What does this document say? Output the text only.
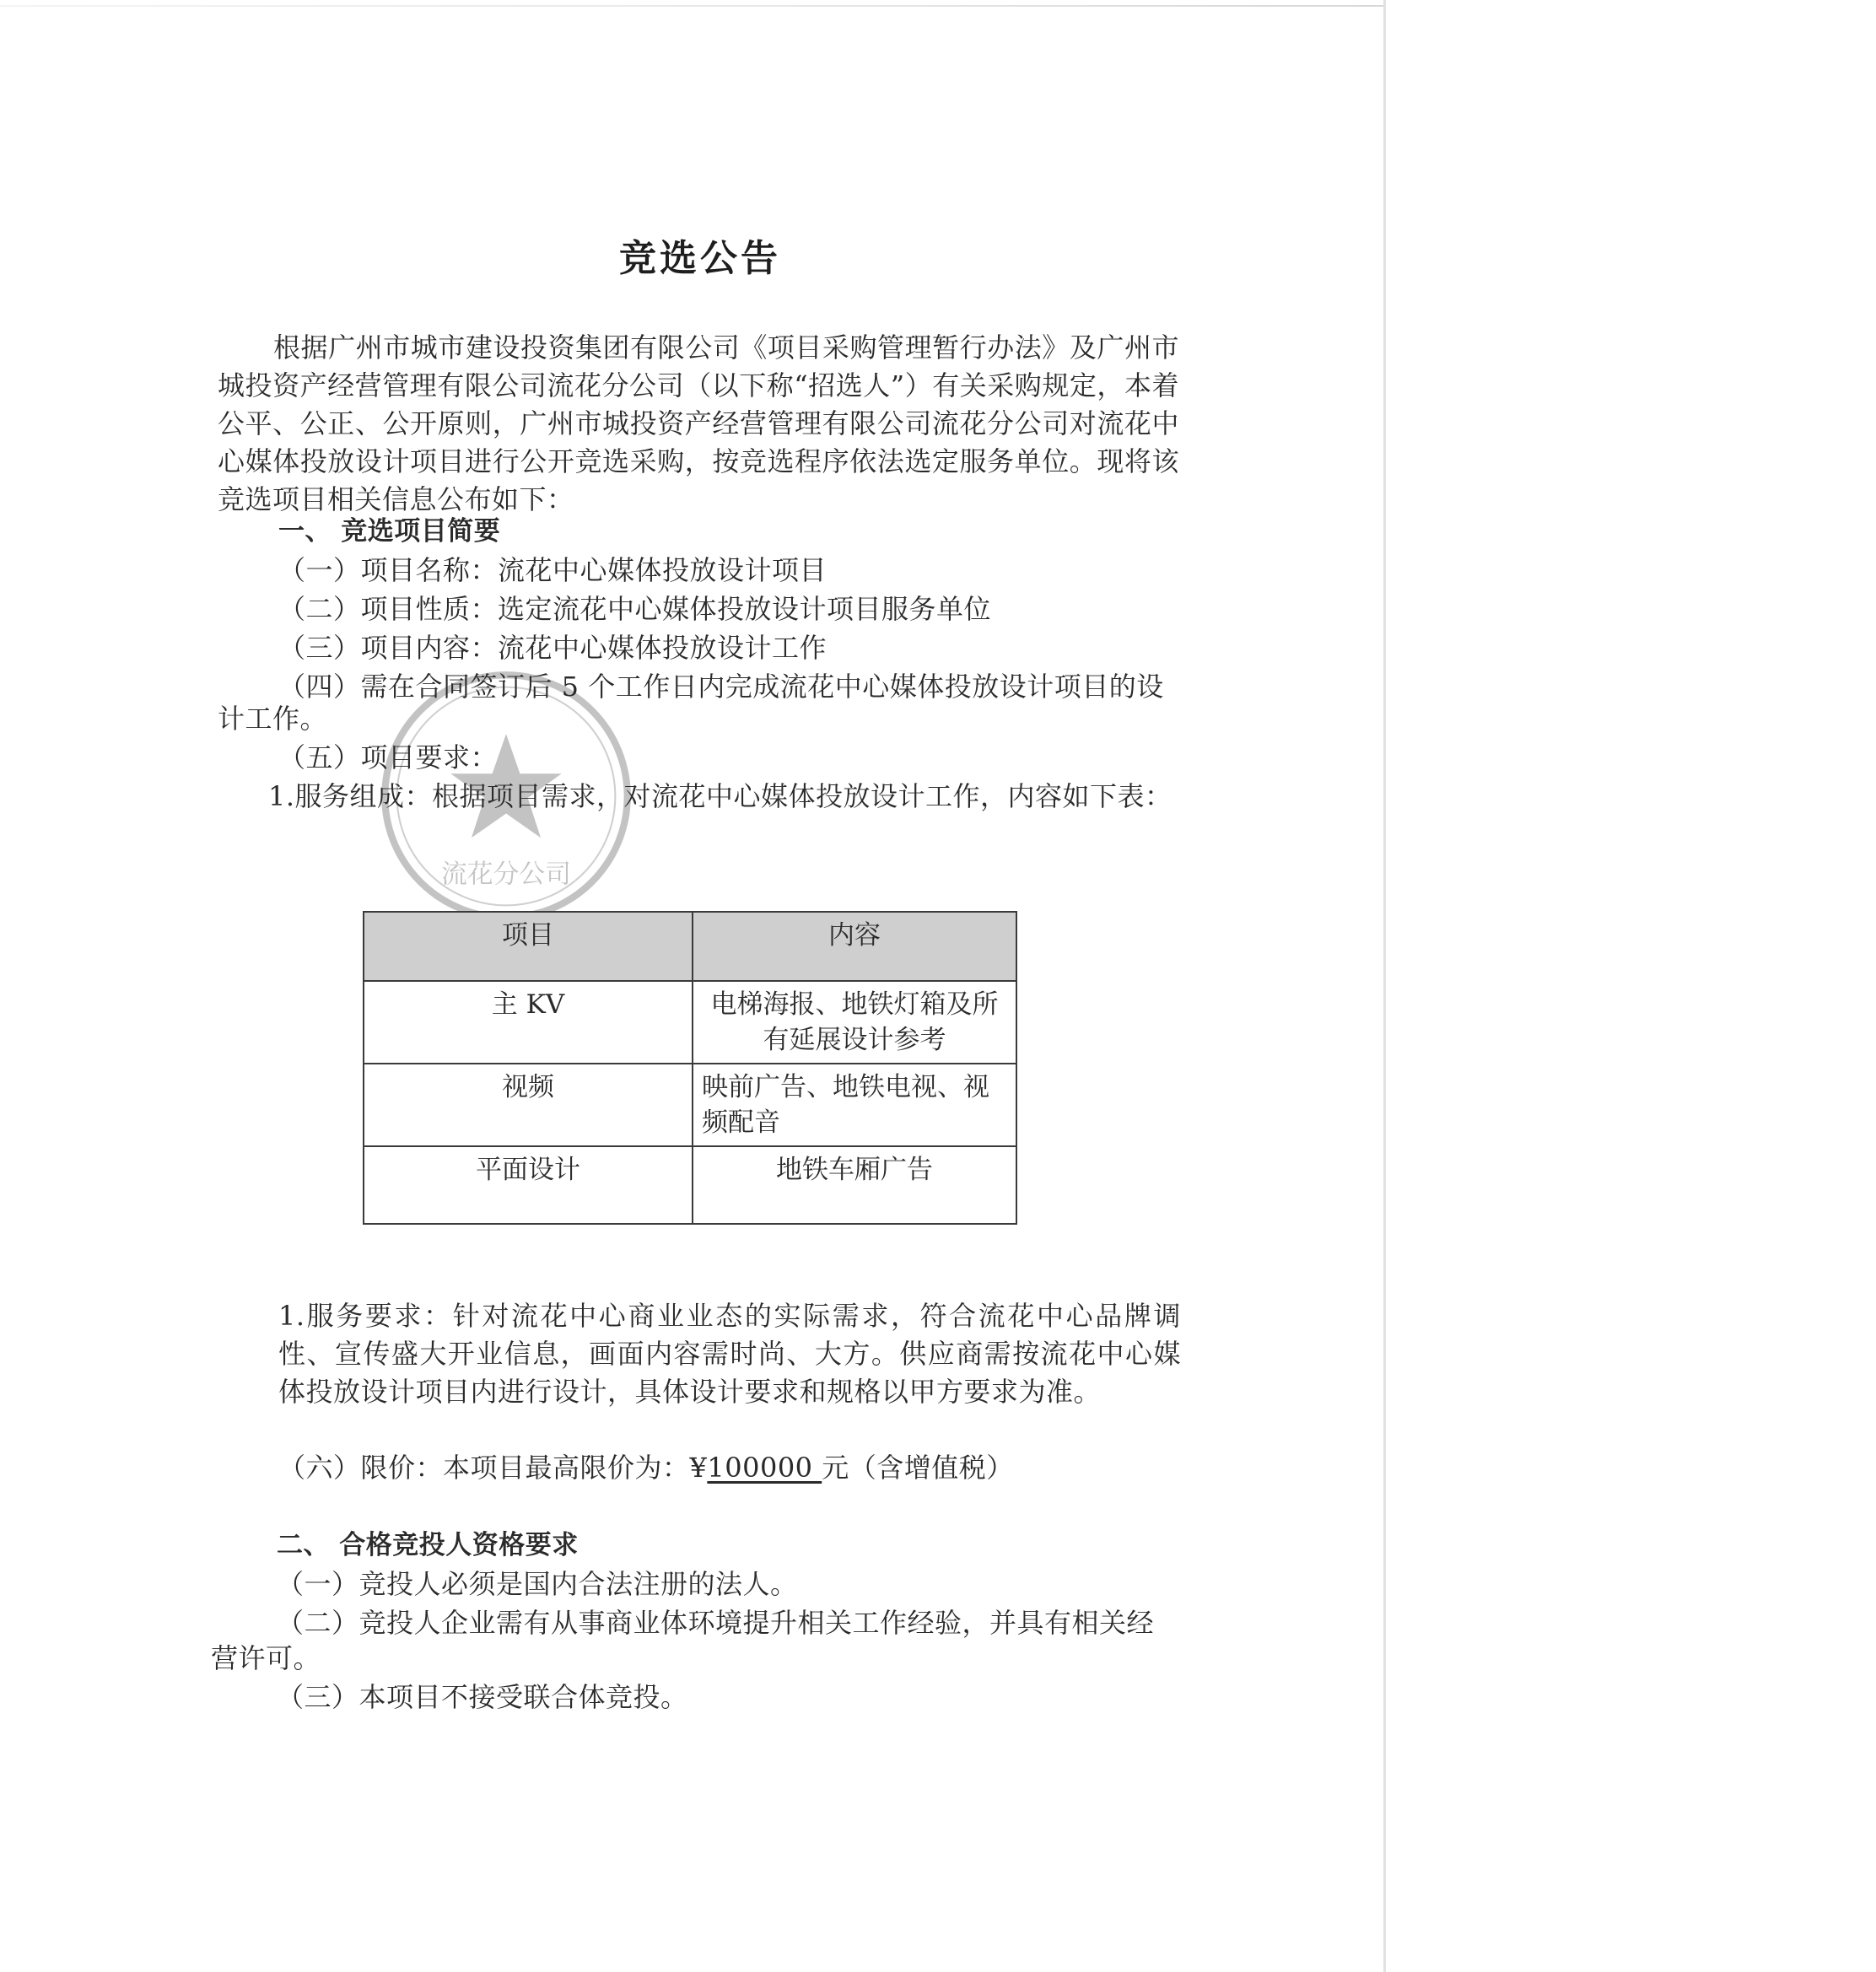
流花分公司
竞选公告
根据广州市城市建设投资集团有限公司《项目采购管理暂行办法》及广州市城投资产经营管理有限公司流花分公司（以下称“招选人”）有关采购规定，本着公平、公正、公开原则，广州市城投资产经营管理有限公司流花分公司对流花中心媒体投放设计项目进行公开竞选采购，按竞选程序依法选定服务单位。现将该竞选项目相关信息公布如下：
一、 竞选项目简要
（一）项目名称：流花中心媒体投放设计项目
（二）项目性质：选定流花中心媒体投放设计项目服务单位
（三）项目内容：流花中心媒体投放设计工作
（四）需在合同签订后 5 个工作日内完成流花中心媒体投放设计项目的设
计工作。
（五）项目要求：
1.服务组成：根据项目需求，对流花中心媒体投放设计工作，内容如下表：
项目	内容
主 KV	电梯海报、地铁灯箱及所有延展设计参考
视频	映前广告、地铁电视、视频配音
平面设计	地铁车厢广告
1.服务要求：针对流花中心商业业态的实际需求，符合流花中心品牌调性、宣传盛大开业信息，画面内容需时尚、大方。供应商需按流花中心媒体投放设计项目内进行设计，具体设计要求和规格以甲方要求为准。
（六）限价：本项目最高限价为：¥100000 元（含增值税）
二、 合格竞投人资格要求
（一）竞投人必须是国内合法注册的法人。
（二）竞投人企业需有从事商业体环境提升相关工作经验，并具有相关经
营许可。
（三）本项目不接受联合体竞投。
